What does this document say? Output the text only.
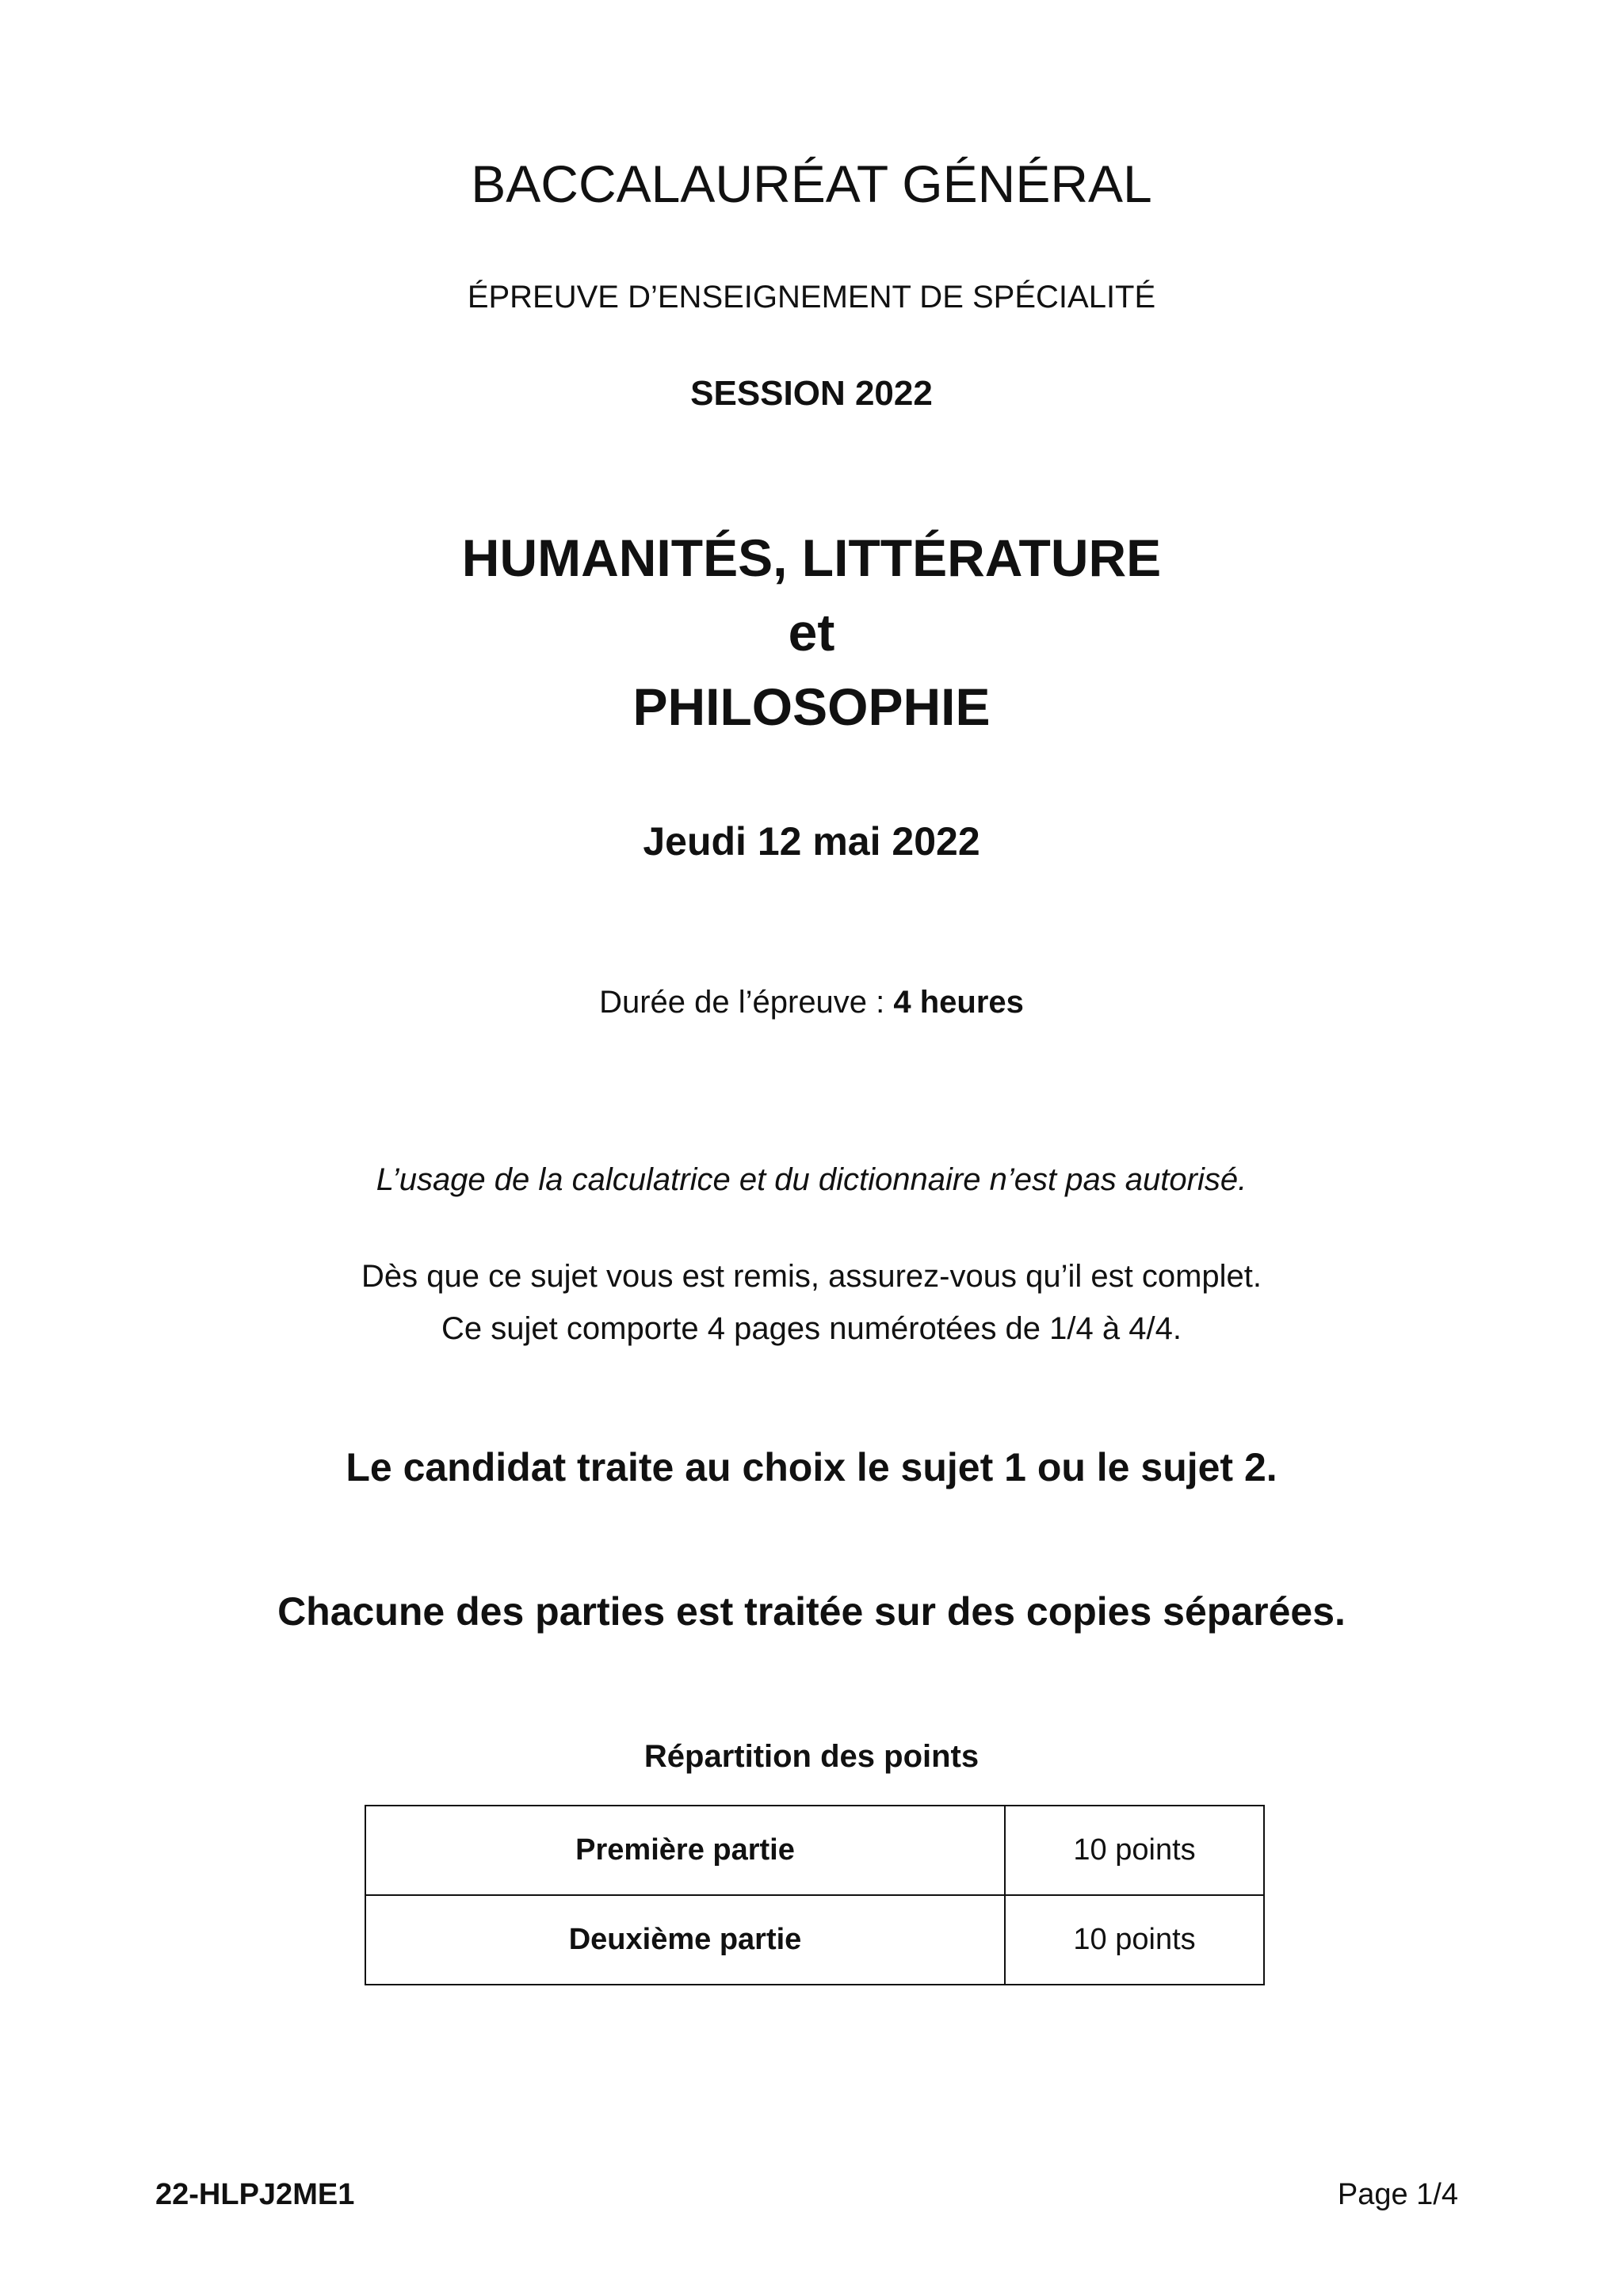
BACCALAURÉAT GÉNÉRAL
ÉPREUVE D’ENSEIGNEMENT DE SPÉCIALITÉ
SESSION 2022
HUMANITÉS, LITTÉRATURE
et
PHILOSOPHIE
Jeudi 12 mai 2022
Durée de l’épreuve : 4 heures
L’usage de la calculatrice et du dictionnaire n’est pas autorisé.
Dès que ce sujet vous est remis, assurez-vous qu’il est complet.
Ce sujet comporte 4 pages numérotées de 1/4 à 4/4.
Le candidat traite au choix le sujet 1 ou le sujet 2.
Chacune des parties est traitée sur des copies séparées.
Répartition des points
Première partie	10 points
Deuxième partie	10 points
22-HLPJ2ME1	Page 1/4
